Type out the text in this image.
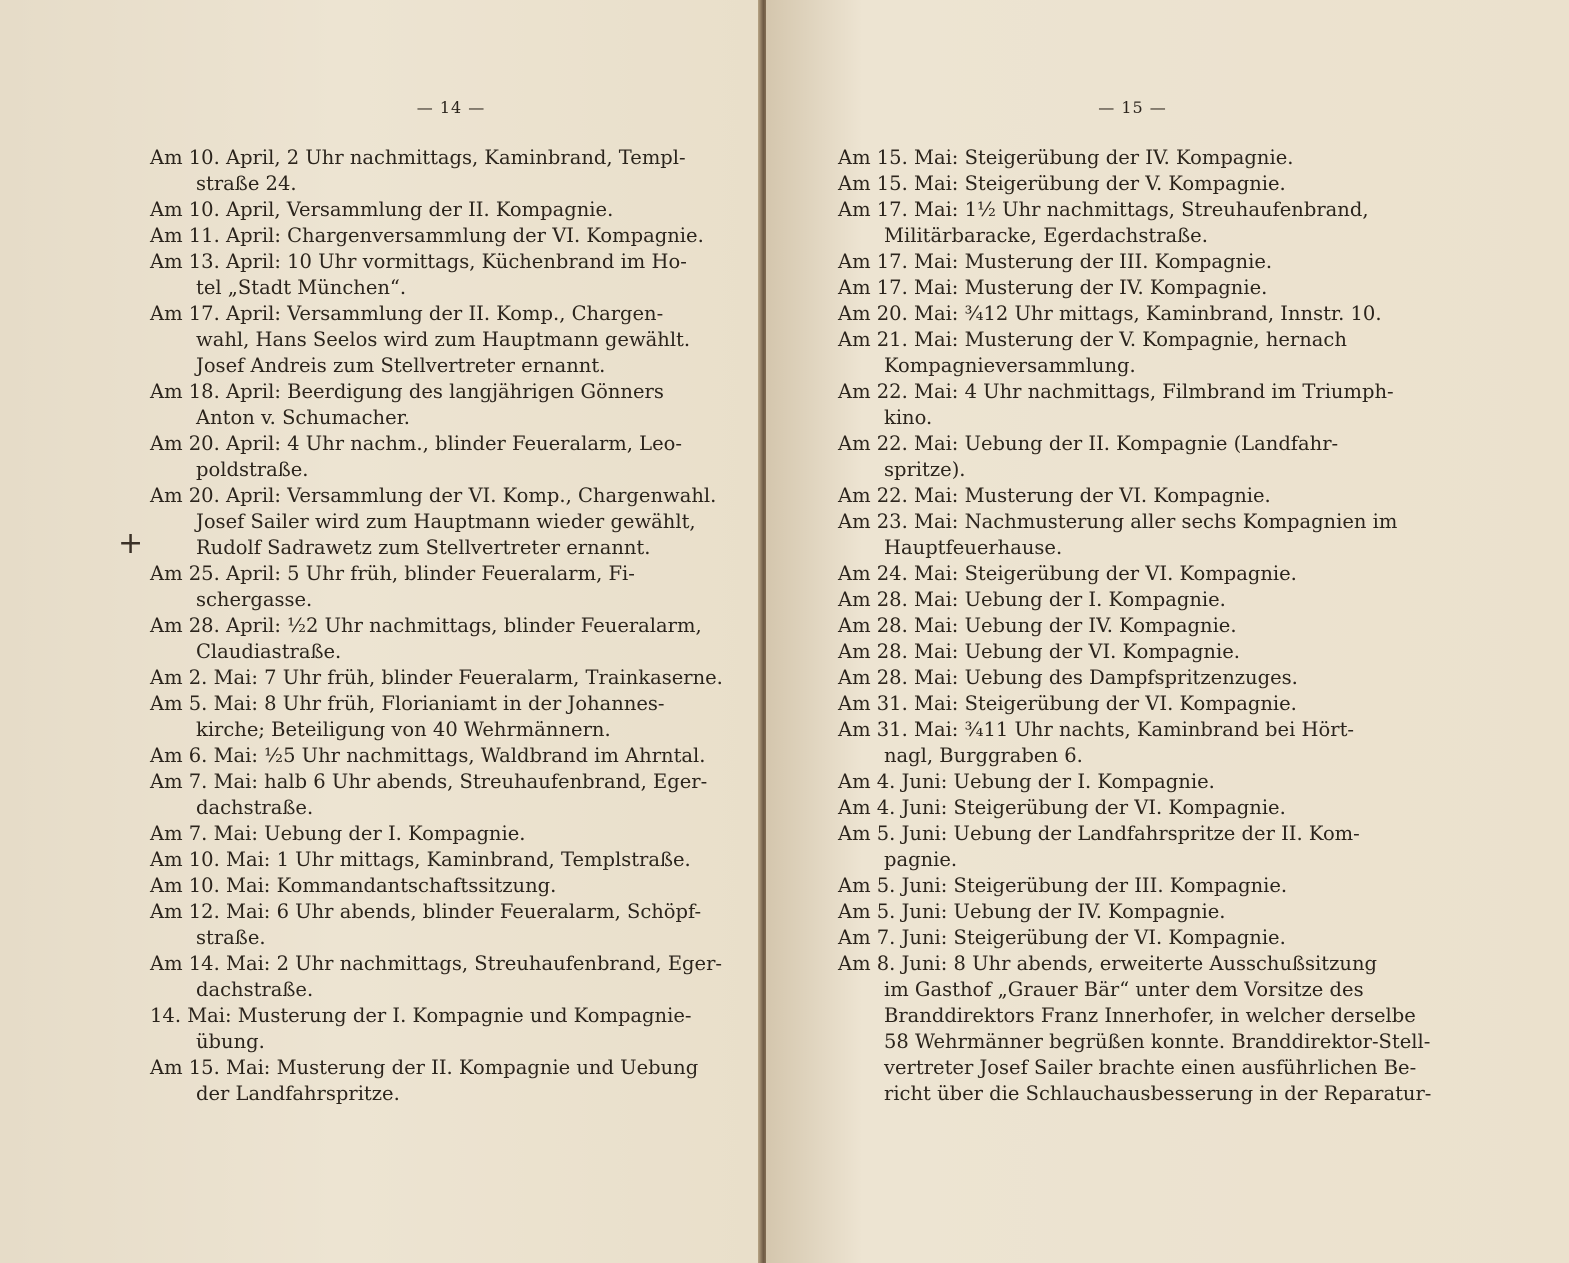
— 14 —

Am 10. April, 2 Uhr nachmittags, Kaminbrand, Templ-
straße 24.

Am 10. April, Versammlung der II. Kompagnie.

Am 11. April: Chargenversammlung der VI. Kompagnie.

Am 13. April: 10 Uhr vormittags, Küchenbrand im Ho-
tel „Stadt München“.

Am 17. April: Versammlung der II. Komp., Chargen-
wahl, Hans Seelos wird zum Hauptmann gewählt.
Josef Andreis zum Stellvertreter ernannt.

Am 18. April: Beerdigung des langjährigen Gönners
Anton v. Schumacher.

Am 20. April: 4 Uhr nachm., blinder Feueralarm, Leo-
poldstraße.

Am 20. April: Versammlung der VI. Komp., Chargenwahl.
Josef Sailer wird zum Hauptmann wieder gewählt,
Rudolf Sadrawetz zum Stellvertreter ernannt.

Am 25. April: 5 Uhr früh, blinder Feueralarm, Fi-
schergasse.

Am 28. April: ½2 Uhr nachmittags, blinder Feueralarm,
Claudiastraße.

Am 2. Mai: 7 Uhr früh, blinder Feueralarm, Trainkaserne.

Am 5. Mai: 8 Uhr früh, Florianiamt in der Johannes-
kirche; Beteiligung von 40 Wehrmännern.

Am 6. Mai: ½5 Uhr nachmittags, Waldbrand im Ahrntal.

Am 7. Mai: halb 6 Uhr abends, Streuhaufenbrand, Eger-
dachstraße.

Am 7. Mai: Uebung der I. Kompagnie.

Am 10. Mai: 1 Uhr mittags, Kaminbrand, Templstraße.

Am 10. Mai: Kommandantschaftssitzung.

Am 12. Mai: 6 Uhr abends, blinder Feueralarm, Schöpf-
straße.

Am 14. Mai: 2 Uhr nachmittags, Streuhaufenbrand, Eger-
dachstraße.

14. Mai: Musterung der I. Kompagnie und Kompagnie-
übung.

Am 15. Mai: Musterung der II. Kompagnie und Uebung
der Landfahrspritze.

+
— 15 —

Am 15. Mai: Steigerübung der IV. Kompagnie.

Am 15. Mai: Steigerübung der V. Kompagnie.

Am 17. Mai: 1½ Uhr nachmittags, Streuhaufenbrand,
Militärbaracke, Egerdachstraße.

Am 17. Mai: Musterung der III. Kompagnie.

Am 17. Mai: Musterung der IV. Kompagnie.

Am 20. Mai: ¾12 Uhr mittags, Kaminbrand, Innstr. 10.

Am 21. Mai: Musterung der V. Kompagnie, hernach
Kompagnieversammlung.

Am 22. Mai: 4 Uhr nachmittags, Filmbrand im Triumph-
kino.

Am 22. Mai: Uebung der II. Kompagnie (Landfahr-
spritze).

Am 22. Mai: Musterung der VI. Kompagnie.

Am 23. Mai: Nachmusterung aller sechs Kompagnien im
Hauptfeuerhause.

Am 24. Mai: Steigerübung der VI. Kompagnie.

Am 28. Mai: Uebung der I. Kompagnie.

Am 28. Mai: Uebung der IV. Kompagnie.

Am 28. Mai: Uebung der VI. Kompagnie.

Am 28. Mai: Uebung des Dampfspritzenzuges.

Am 31. Mai: Steigerübung der VI. Kompagnie.

Am 31. Mai: ¾11 Uhr nachts, Kaminbrand bei Hört-
nagl, Burggraben 6.

Am 4. Juni: Uebung der I. Kompagnie.

Am 4. Juni: Steigerübung der VI. Kompagnie.

Am 5. Juni: Uebung der Landfahrspritze der II. Kom-
pagnie.

Am 5. Juni: Steigerübung der III. Kompagnie.

Am 5. Juni: Uebung der IV. Kompagnie.

Am 7. Juni: Steigerübung der VI. Kompagnie.

Am 8. Juni: 8 Uhr abends, erweiterte Ausschußsitzung
im Gasthof „Grauer Bär“ unter dem Vorsitze des
Branddirektors Franz Innerhofer, in welcher derselbe
58 Wehrmänner begrüßen konnte. Branddirektor-Stell-
vertreter Josef Sailer brachte einen ausführlichen Be-
richt über die Schlauchausbesserung in der Reparatur-
